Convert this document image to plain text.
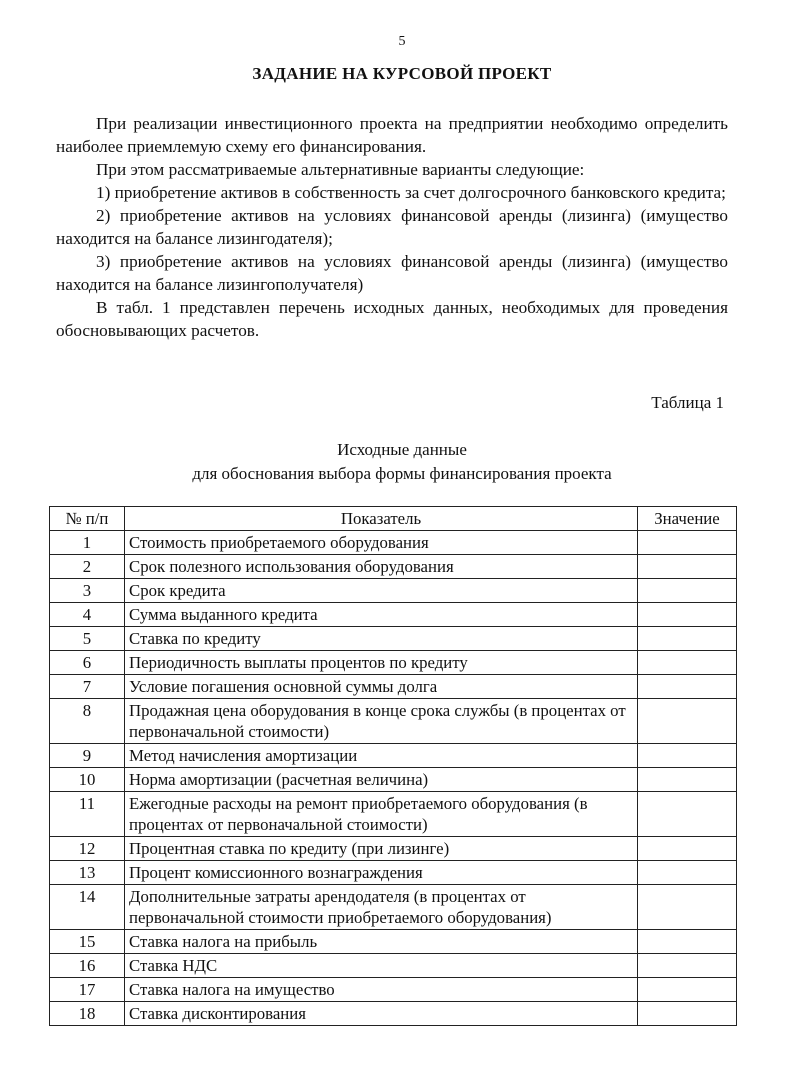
5
ЗАДАНИЕ НА КУРСОВОЙ ПРОЕКТ

При реализации инвестиционного проекта на предприятии необходимо определить наиболее приемлемую схему его финансирования.

При этом рассматриваемые альтернативные варианты следующие:

1) приобретение активов в собственность за счет долгосрочного банковского кредита;

2) приобретение активов на условиях финансовой аренды (лизинга) (имущество находится на балансе лизингодателя);

3) приобретение активов на условиях финансовой аренды (лизинга) (имущество находится на балансе лизингополучателя)

В табл. 1 представлен перечень исходных данных, необходимых для проведения обосновывающих расчетов.

Таблица 1
Исходные данные
для обоснования выбора формы финансирования проекта
№ п/п	Показатель	Значение
1	Стоимость приобретаемого оборудования	
2	Срок полезного использования оборудования	
3	Срок кредита	
4	Сумма выданного кредита	
5	Ставка по кредиту	
6	Периодичность выплаты процентов по кредиту	
7	Условие погашения основной суммы долга	
8	Продажная цена оборудования в конце срока службы (в процентах от первоначальной стоимости)	
9	Метод начисления амортизации	
10	Норма амортизации (расчетная величина)	
11	Ежегодные расходы на ремонт приобретаемого оборудования (в процентах от первоначальной стоимости)	
12	Процентная ставка по кредиту (при лизинге)	
13	Процент комиссионного вознаграждения	
14	Дополнительные затраты арендодателя (в процентах от первоначальной стоимости приобретаемого оборудования)	
15	Ставка налога на прибыль	
16	Ставка НДС	
17	Ставка налога на имущество	
18	Ставка дисконтирования	
